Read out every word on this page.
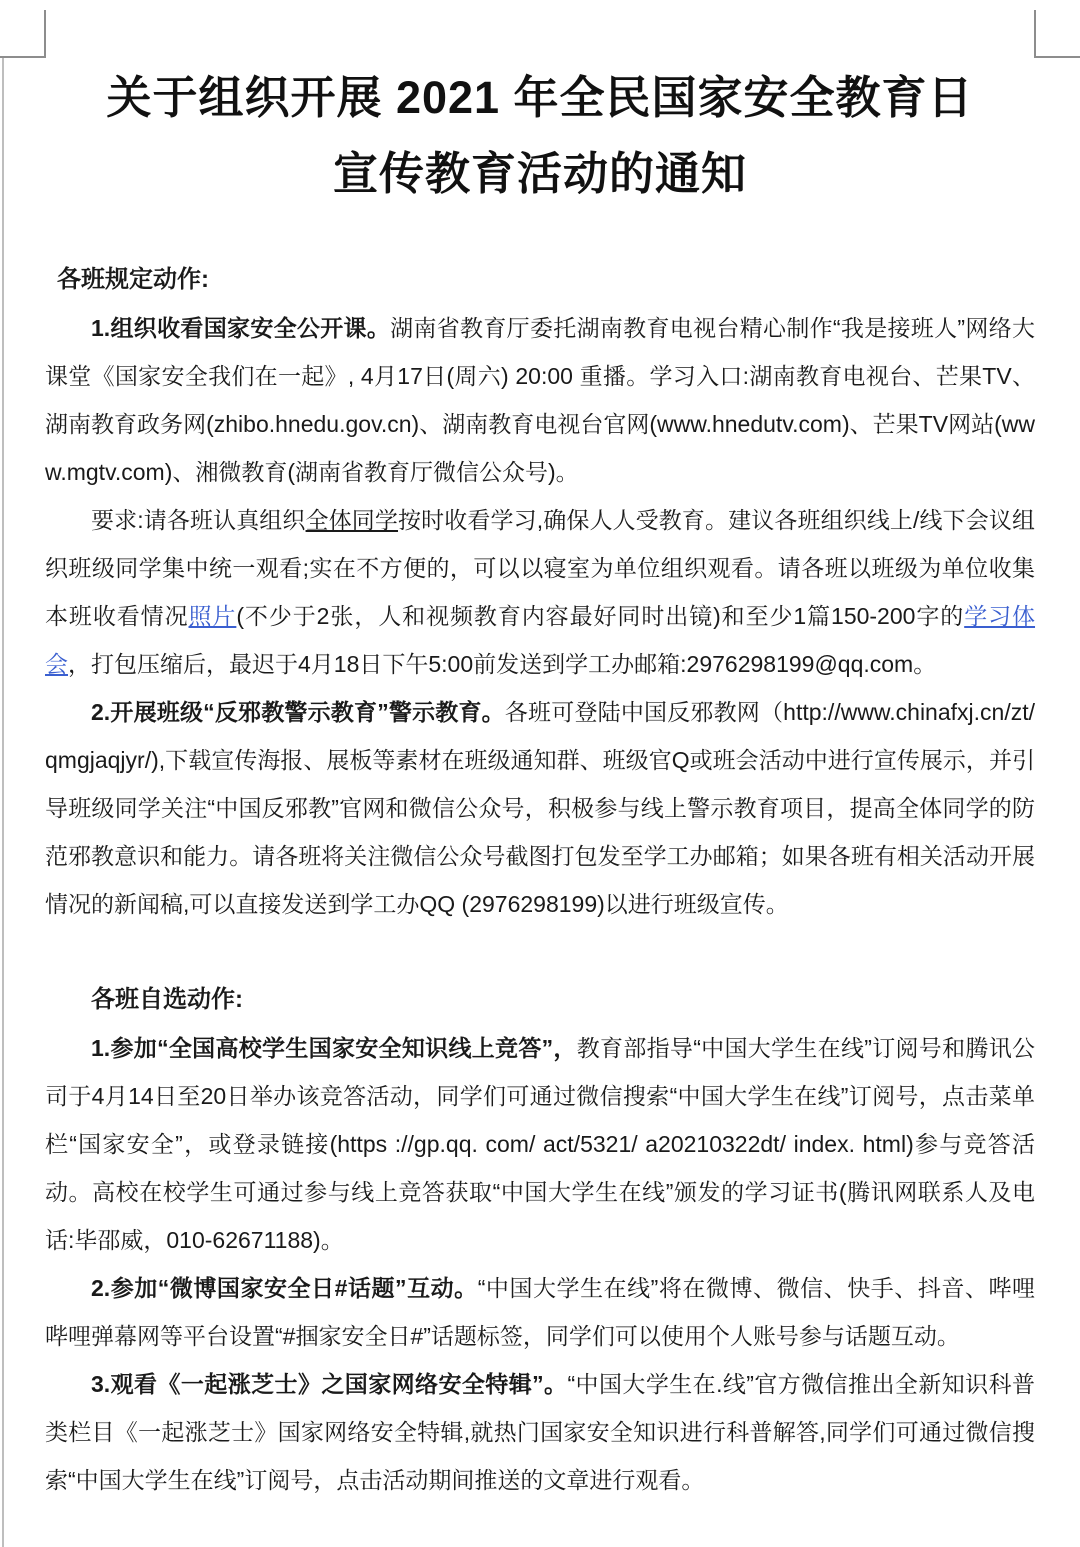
关于组织开展 2021 年全民国家安全教育日
宣传教育活动的通知

各班规定动作:

1.组织收看国家安全公开课。湖南省教育厅委托湖南教育电视台精心制作“我是接班人”网络大课堂《国家安全我们在一起》, 4月17日(周六) 20:00 重播。学习入口:湖南教育电视台、芒果TV、湖南教育政务网(zhibo.hnedu.gov.cn)、湖南教育电视台官网(www.hnedutv.com)、芒果TV网站(www.mgtv.com)、湘微教育(湖南省教育厅微信公众号)。

要求:请各班认真组织全体同学按时收看学习,确保人人受教育。建议各班组织线上/线下会议组织班级同学集中统一观看;实在不方便的，可以以寝室为单位组织观看。请各班以班级为单位收集本班收看情况照片(不少于2张，人和视频教育内容最好同时出镜)和至少1篇150-200字的学习体会，打包压缩后，最迟于4月18日下午5:00前发送到学工办邮箱:2976298199@qq.com。

2.开展班级“反邪教警示教育”警示教育。各班可登陆中国反邪教网（http://www.chinafxj.cn/zt/qmgjaqjyr/),下载宣传海报、展板等素材在班级通知群、班级官Q或班会活动中进行宣传展示，并引导班级同学关注“中国反邪教”官网和微信公众号，积极参与线上警示教育项目，提高全体同学的防范邪教意识和能力。请各班将关注微信公众号截图打包发至学工办邮箱；如果各班有相关活动开展情况的新闻稿,可以直接发送到学工办QQ (2976298199)以进行班级宣传。

各班自选动作:

1.参加“全国高校学生国家安全知识线上竞答”，教育部指导“中国大学生在线”订阅号和腾讯公司于4月14日至20日举办该竞答活动，同学们可通过微信搜索“中国大学生在线”订阅号，点击菜单栏“国家安全”，或登录链接(https ://gp.qq. com/ act/5321/ a20210322dt/ index. html)参与竞答活动。高校在校学生可通过参与线上竞答获取“中国大学生在线”颁发的学习证书(腾讯网联系人及电话:毕邵威，010-62671188)。

2.参加“微博国家安全日#话题”互动。“中国大学生在线”将在微博、微信、快手、抖音、哔哩哔哩弹幕网等平台设置“#掴家安全日#”话题标签，同学们可以使用个人账号参与话题互动。

3.观看《一起涨芝士》之国家网络安全特辑”。“中国大学生在.线”官方微信推出全新知识科普类栏目《一起涨芝士》国家网络安全特辑,就热门国家安全知识进行科普解答,同学们可通过微信搜索“中国大学生在线”订阅号，点击活动期间推送的文章进行观看。
